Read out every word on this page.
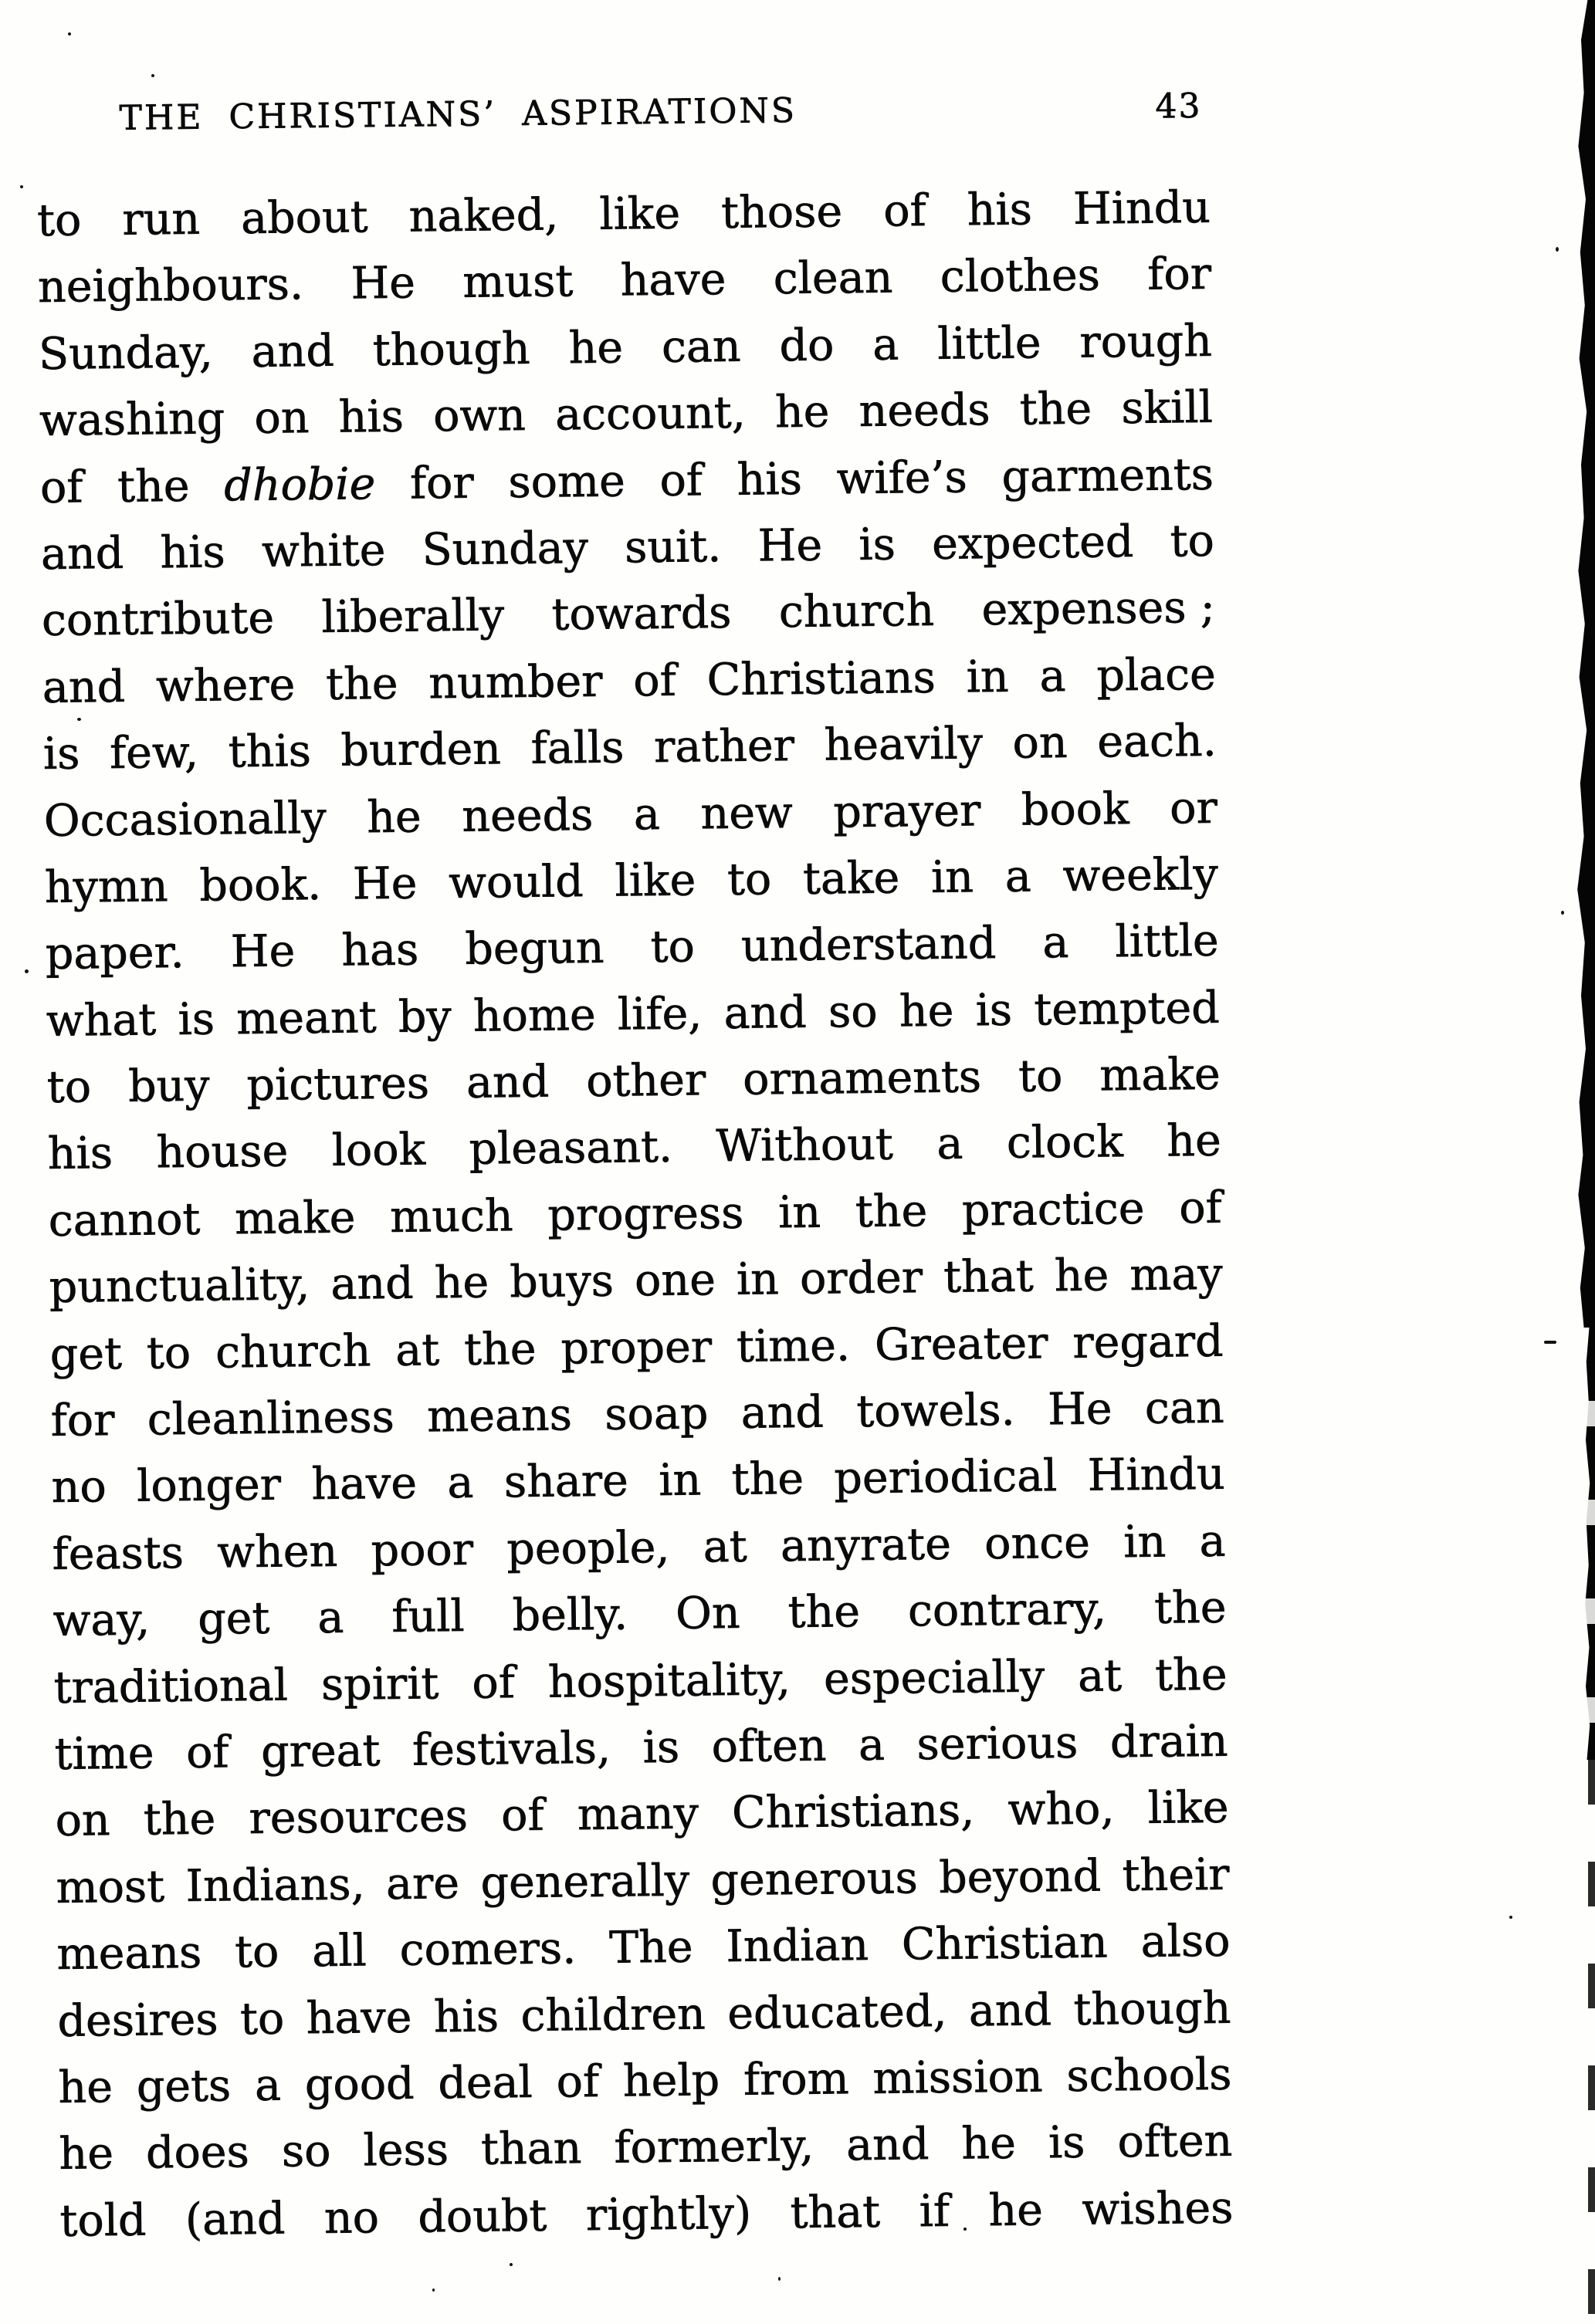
THE CHRISTIANS’ ASPIRATIONS	43
to run about naked, like those of his Hindu
neighbours. He must have clean clothes for
Sunday, and though he can do a little rough
washing on his own account, he needs the skill
of the dhobie for some of his wife’s garments
and his white Sunday suit. He is expected to
contribute liberally towards church expenses ;
and where the number of Christians in a place
is few, this burden falls rather heavily on each.
Occasionally he needs a new prayer book or
hymn book. He would like to take in a weekly
paper. He has begun to understand a little
what is meant by home life, and so he is tempted
to buy pictures and other ornaments to make
his house look pleasant. Without a clock he
cannot make much progress in the practice of
punctuality, and he buys one in order that he may
get to church at the proper time. Greater regard
for cleanliness means soap and towels. He can
no longer have a share in the periodical Hindu
feasts when poor people, at anyrate once in a
way, get a full belly. On the contrary, the
traditional spirit of hospitality, especially at the
time of great festivals, is often a serious drain
on the resources of many Christians, who, like
most Indians, are generally generous beyond their
means to all comers. The Indian Christian also
desires to have his children educated, and though
he gets a good deal of help from mission schools
he does so less than formerly, and he is often
told (and no doubt rightly) that if he wishes
